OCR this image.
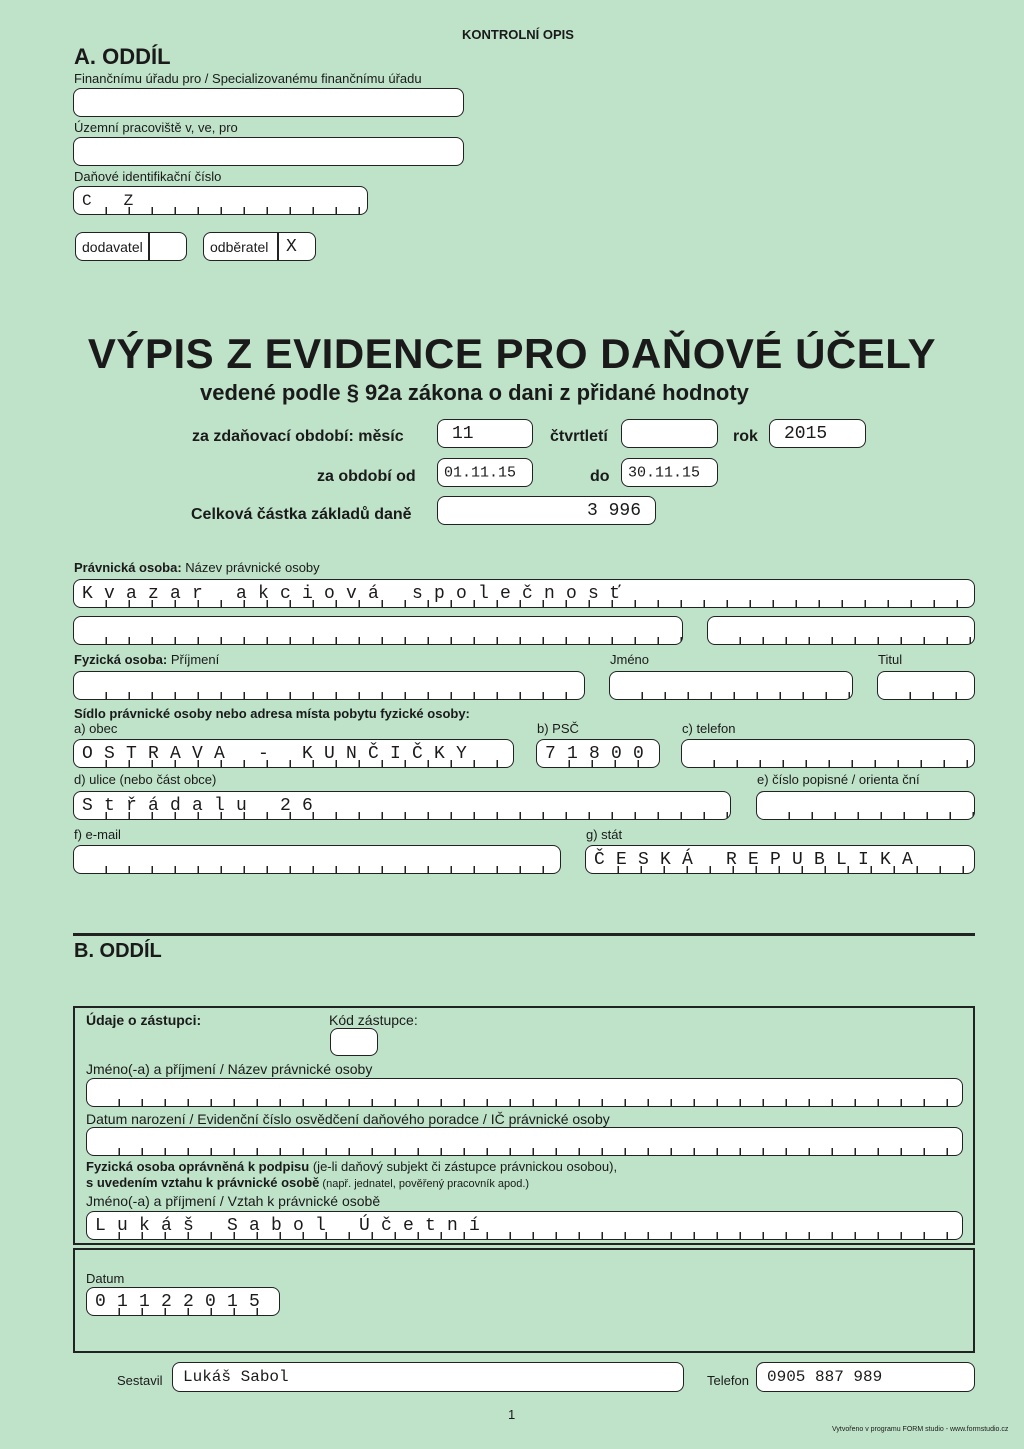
KONTROLNÍ OPIS
A. ODDÍL
Finančnímu úřadu pro / Specializovanému finančnímu úřadu
Územní pracoviště v, ve, pro
Daňové identifikační číslo
C Z
dodavatel	odběratel X
VÝPIS Z EVIDENCE PRO DAŇOVÉ ÚČELY
vedené podle § 92a zákona o dani z přidané hodnoty
za zdaňovací období: měsíc	11	čtvrtletí	rok 2015
za období od 01.11.15	do 30.11.15
Celková částka základů daně	3 996
Právnická osoba: Název právnické osoby
Kvazar akciová společnosť
Fyzická osoba: Příjmení	Jméno	Titul
Sídlo právnické osoby nebo adresa místa pobytu fyzické osoby:
a) obec
OSTRAVA - KUNČIČKY
b) PSČ
71800
c) telefon
d) ulice (nebo část obce)
Střádalu 26
e) číslo popisné / orienta ční
f) e-mail	g) stát
ČESKÁ REPUBLIKA
B. ODDÍL
Údaje o zástupci:	Kód zástupce:
Jméno(-a) a příjmení / Název právnické osoby
Datum narození / Evidenční číslo osvědčení daňového poradce / IČ právnické osoby
Fyzická osoba oprávněná k podpisu (je-li daňový subjekt či zástupce právnickou osobou),
s uvedením vztahu k právnické osobě (např. jednatel, pověřený pracovník apod.)
Jméno(-a) a příjmení / Vztah k právnické osobě
Lukáš Sabol Účetní
Datum
01122015
Sestavil Lukáš Sabol	Telefon 0905 887 989
1
Vytvořeno v programu FORM studio - www.formstudio.cz
